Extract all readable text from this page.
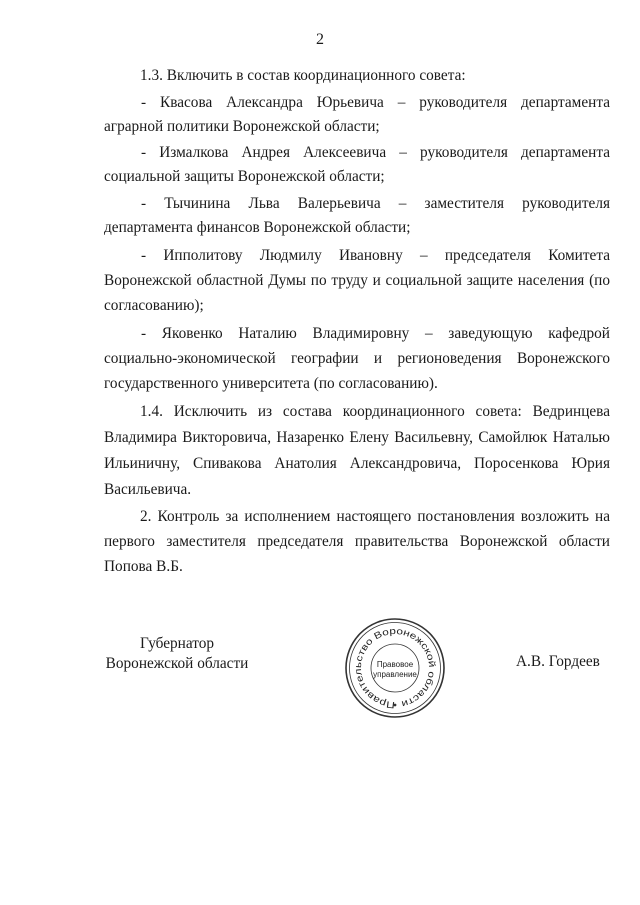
2
1.3. Включить в состав координационного совета:
- Квасова Александра Юрьевича – руководителя департамента
аграрной политики Воронежской области;
- Измалкова Андрея Алексеевича – руководителя департамента
социальной защиты Воронежской области;
- Тычинина Льва Валерьевича – заместителя руководителя
департамента финансов Воронежской области;
- Ипполитову Людмилу Ивановну – председателя Комитета
Воронежской областной Думы по труду и социальной защите населения (по
согласованию);
- Яковенко Наталию Владимировну – заведующую кафедрой
социально-экономической географии и регионоведения Воронежского
государственного университета (по согласованию).
1.4. Исключить из состава координационного совета: Ведринцева
Владимира Викторовича, Назаренко Елену Васильевну, Самойлюк Наталью
Ильиничну, Спивакова Анатолия Александровича, Поросенкова Юрия
Васильевича.
2. Контроль за исполнением настоящего постановления возложить на
первого заместителя председателя правительства Воронежской области
Попова В.Б.
Губернатор
Воронежской области
Правительство Воронежской области
Правовое
управление
А.В. Гордеев
